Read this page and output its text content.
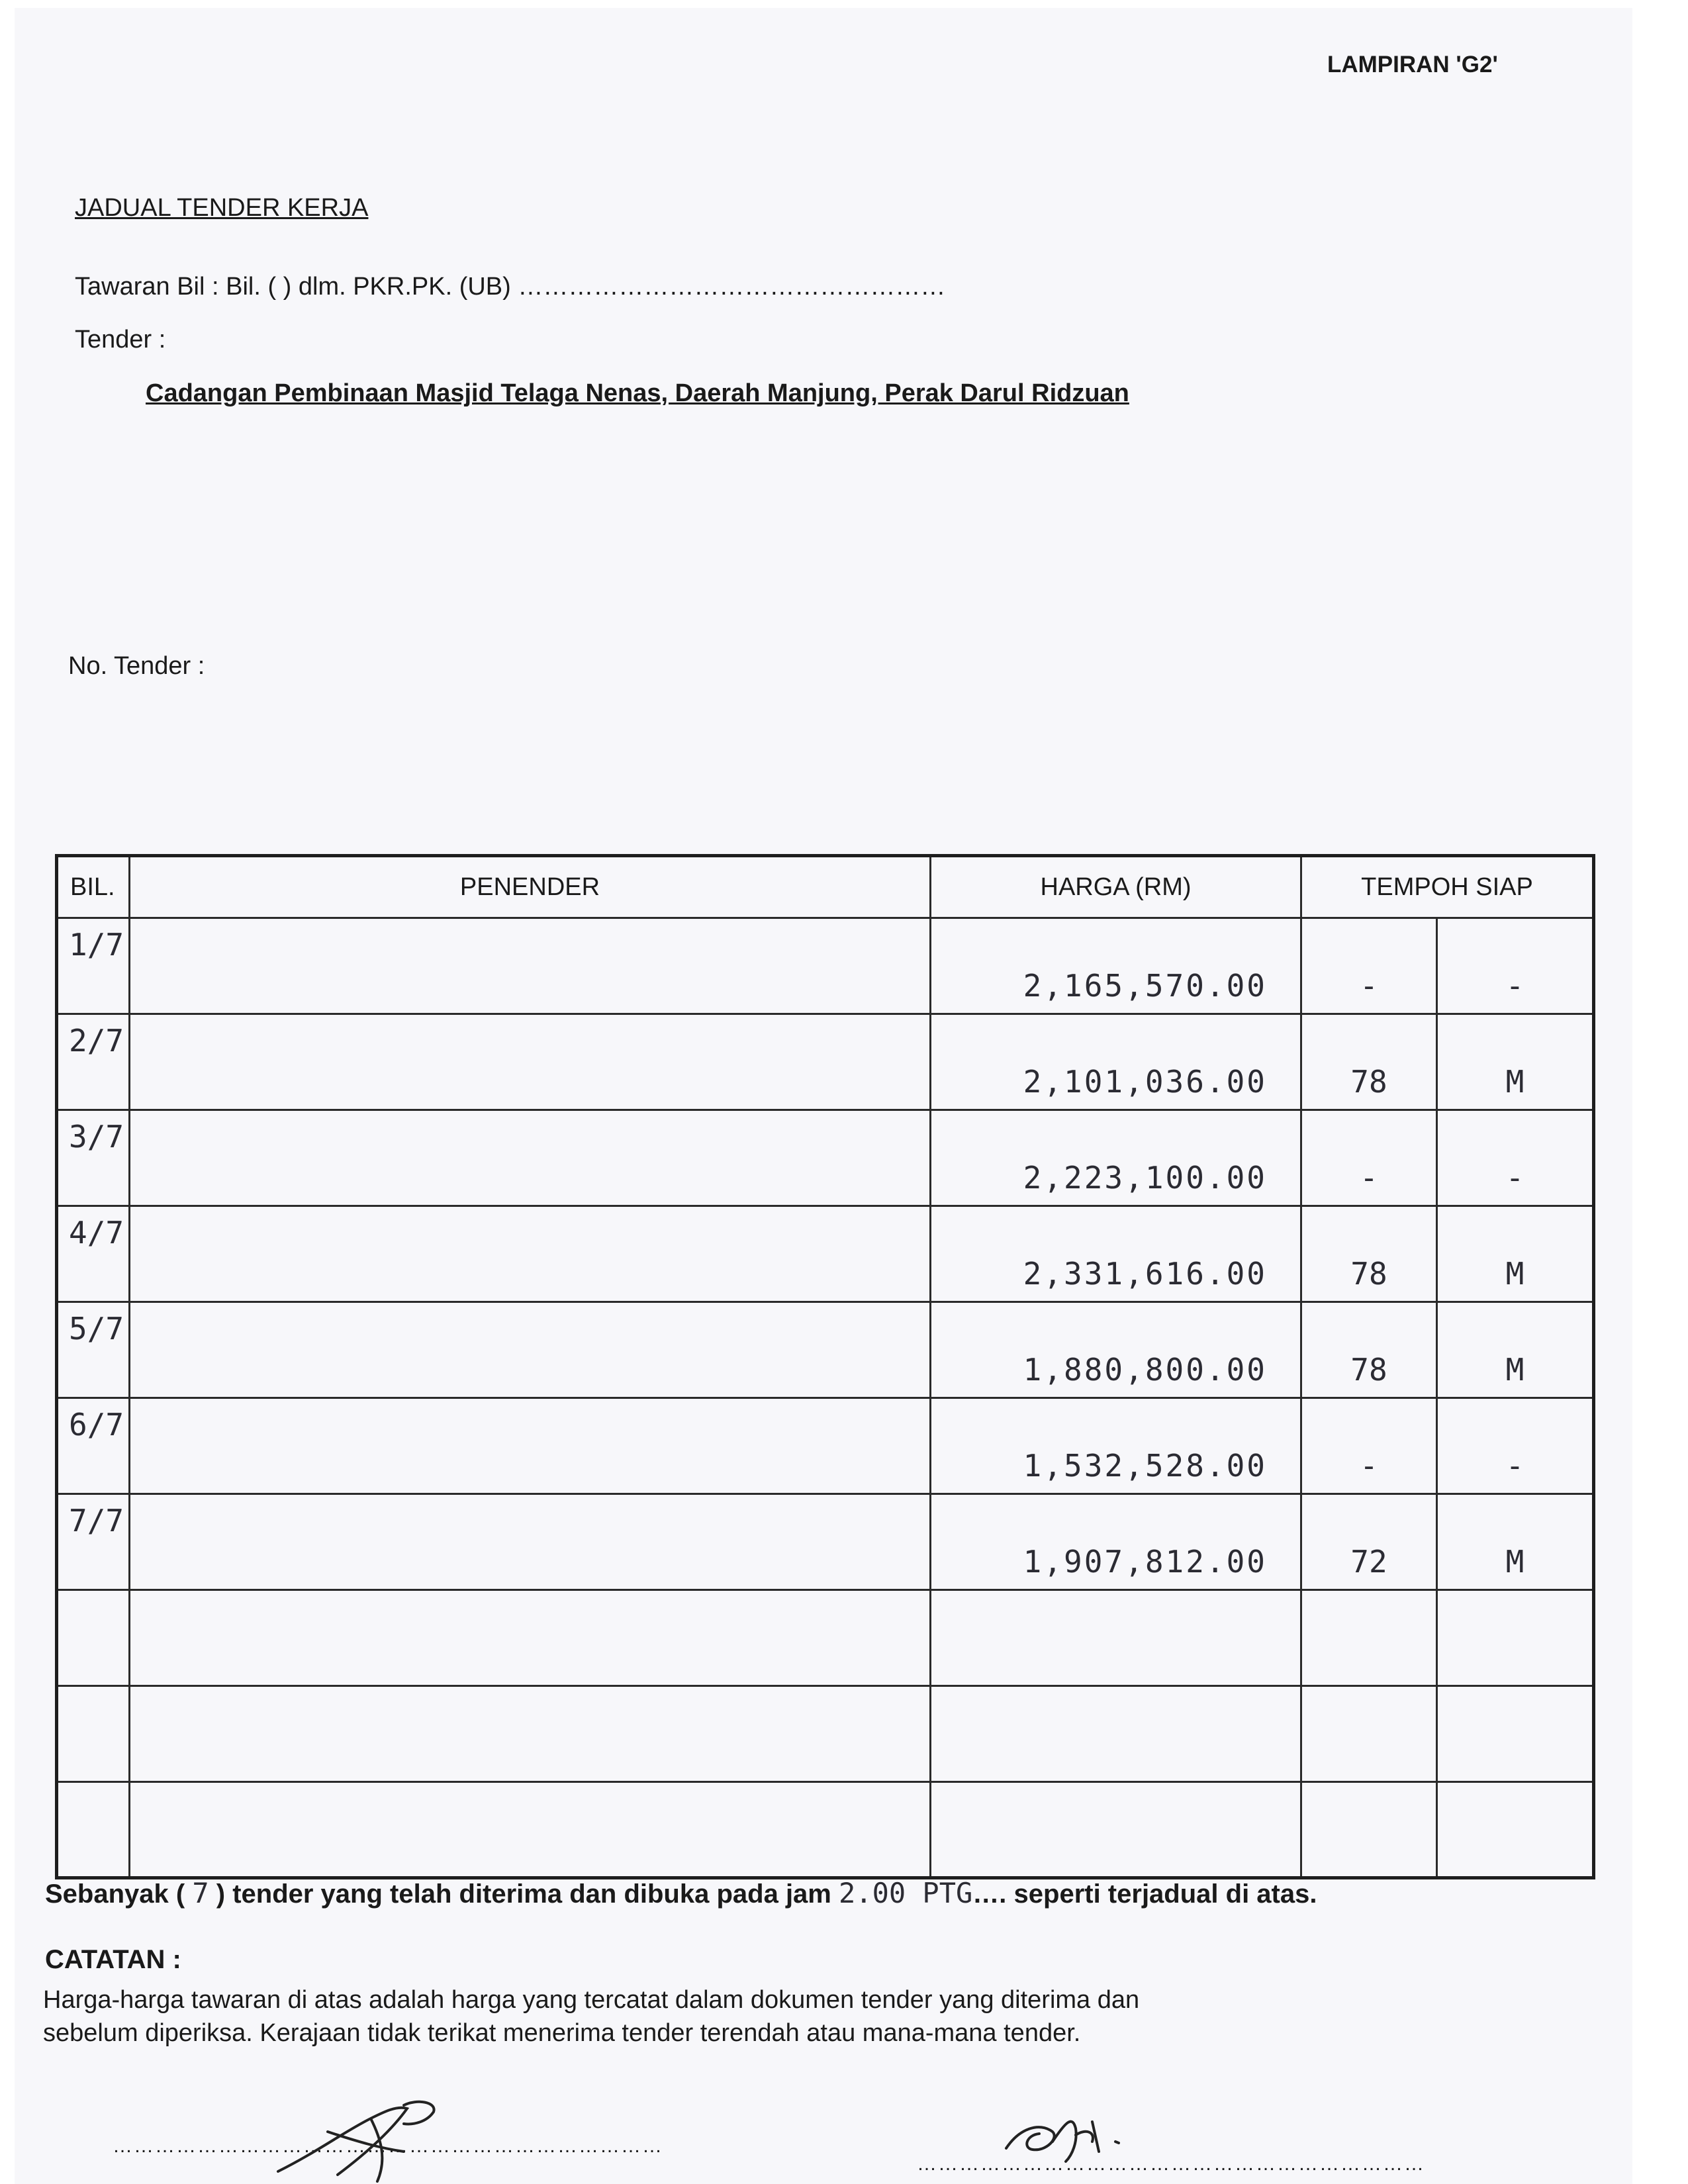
LAMPIRAN 'G2'
JADUAL TENDER KERJA
Tawaran Bil : Bil. ( ) dlm. PKR.PK. (UB) ……………………………………………
Tender :
Cadangan Pembinaan Masjid Telaga Nenas, Daerah Manjung, Perak Darul Ridzuan
No. Tender :
BIL.	PENENDER	HARGA (RM)	TEMPOH SIAP	
1/7		2,165,570.00	-	-
2/7		2,101,036.00	78	M
3/7		2,223,100.00	-	-
4/7		2,331,616.00	78	M
5/7		1,880,800.00	78	M
6/7		1,532,528.00	-	-
7/7		1,907,812.00	72	M

Sebanyak ( 7 ) tender yang telah diterima dan dibuka pada jam 2.00 PTG…. seperti terjadual di atas.
CATATAN :
Harga-harga tawaran di atas adalah harga yang tercatat dalam dokumen tender yang diterima dan
sebelum diperiksa. Kerajaan tidak terikat menerima tender terendah atau mana-mana tender.
……………………………………………………………………
………………………………………………………………
